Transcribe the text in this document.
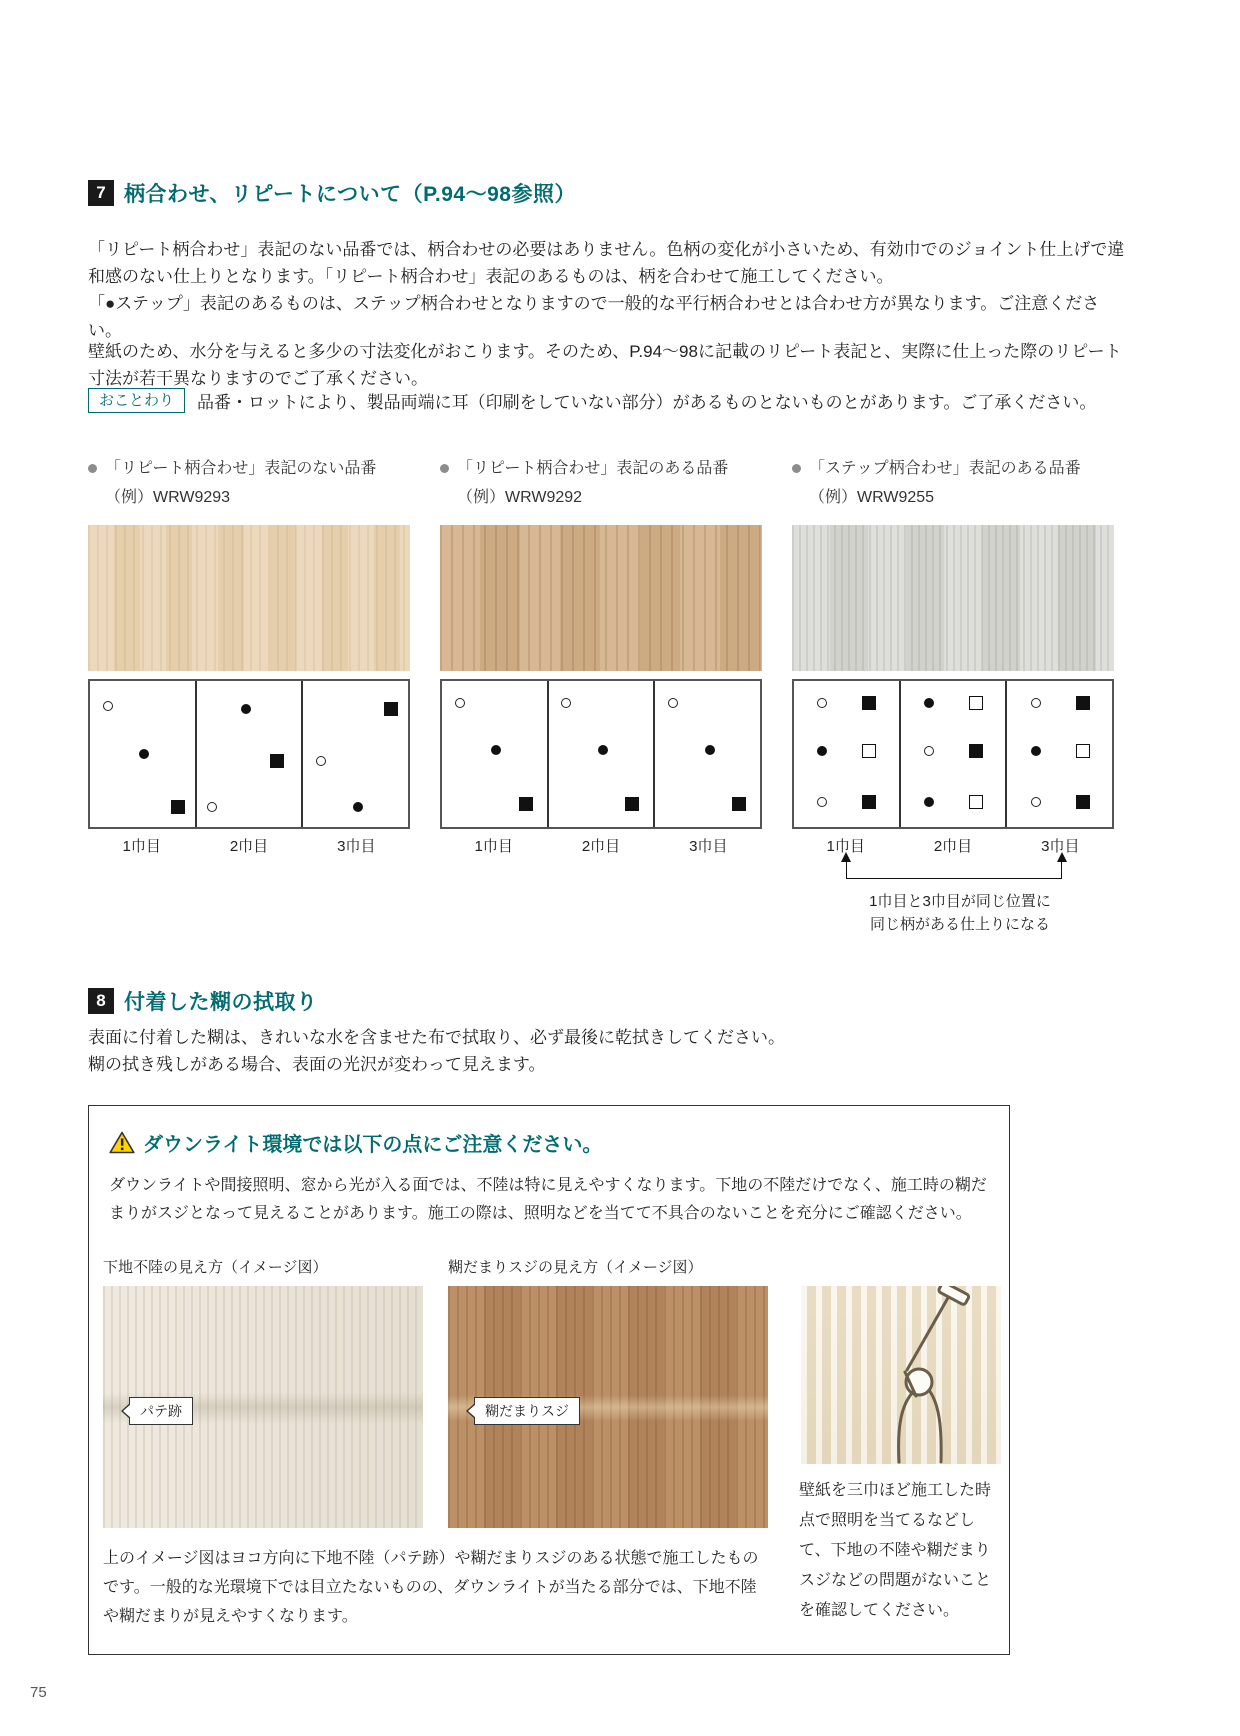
7 柄合わせ、リピートについて（P.94～98参照）

「リピート柄合わせ」表記のない品番では、柄合わせの必要はありません。色柄の変化が小さいため、有効巾でのジョイント仕上げで違和感のない仕上りとなります。「リピート柄合わせ」表記のあるものは、柄を合わせて施工してください。

「●ステップ」表記のあるものは、ステップ柄合わせとなりますので一般的な平行柄合わせとは合わせ方が異なります。ご注意ください。

壁紙のため、水分を与えると多少の寸法変化がおこります。そのため、P.94～98に記載のリピート表記と、実際に仕上った際のリピート寸法が若干異なりますのでご了承ください。

おことわり	品番・ロットにより、製品両端に耳（印刷をしていない部分）があるものとないものとがあります。ご了承ください。
「リピート柄合わせ」表記のない品番
（例）WRW9293
1巾目	2巾目	3巾目
「リピート柄合わせ」表記のある品番
（例）WRW9292
1巾目	2巾目	3巾目
「ステップ柄合わせ」表記のある品番
（例）WRW9255
1巾目	2巾目	3巾目
1巾目と3巾目が同じ位置に
同じ柄がある仕上りになる
8 付着した糊の拭取り

表面に付着した糊は、きれいな水を含ませた布で拭取り、必ず最後に乾拭きしてください。

糊の拭き残しがある場合、表面の光沢が変わって見えます。

ダウンライト環境では以下の点にご注意ください。
ダウンライトや間接照明、窓から光が入る面では、不陸は特に見えやすくなります。下地の不陸だけでなく、施工時の糊だまりがスジとなって見えることがあります。施工の際は、照明などを当てて不具合のないことを充分にご確認ください。
下地不陸の見え方（イメージ図）	糊だまりスジの見え方（イメージ図）
パテ跡	糊だまりスジ
上のイメージ図はヨコ方向に下地不陸（パテ跡）や糊だまりスジのある状態で施工したものです。一般的な光環境下では目立たないものの、ダウンライトが当たる部分では、下地不陸や糊だまりが見えやすくなります。
壁紙を三巾ほど施工した時点で照明を当てるなどして、下地の不陸や糊だまりスジなどの問題がないことを確認してください。
75
